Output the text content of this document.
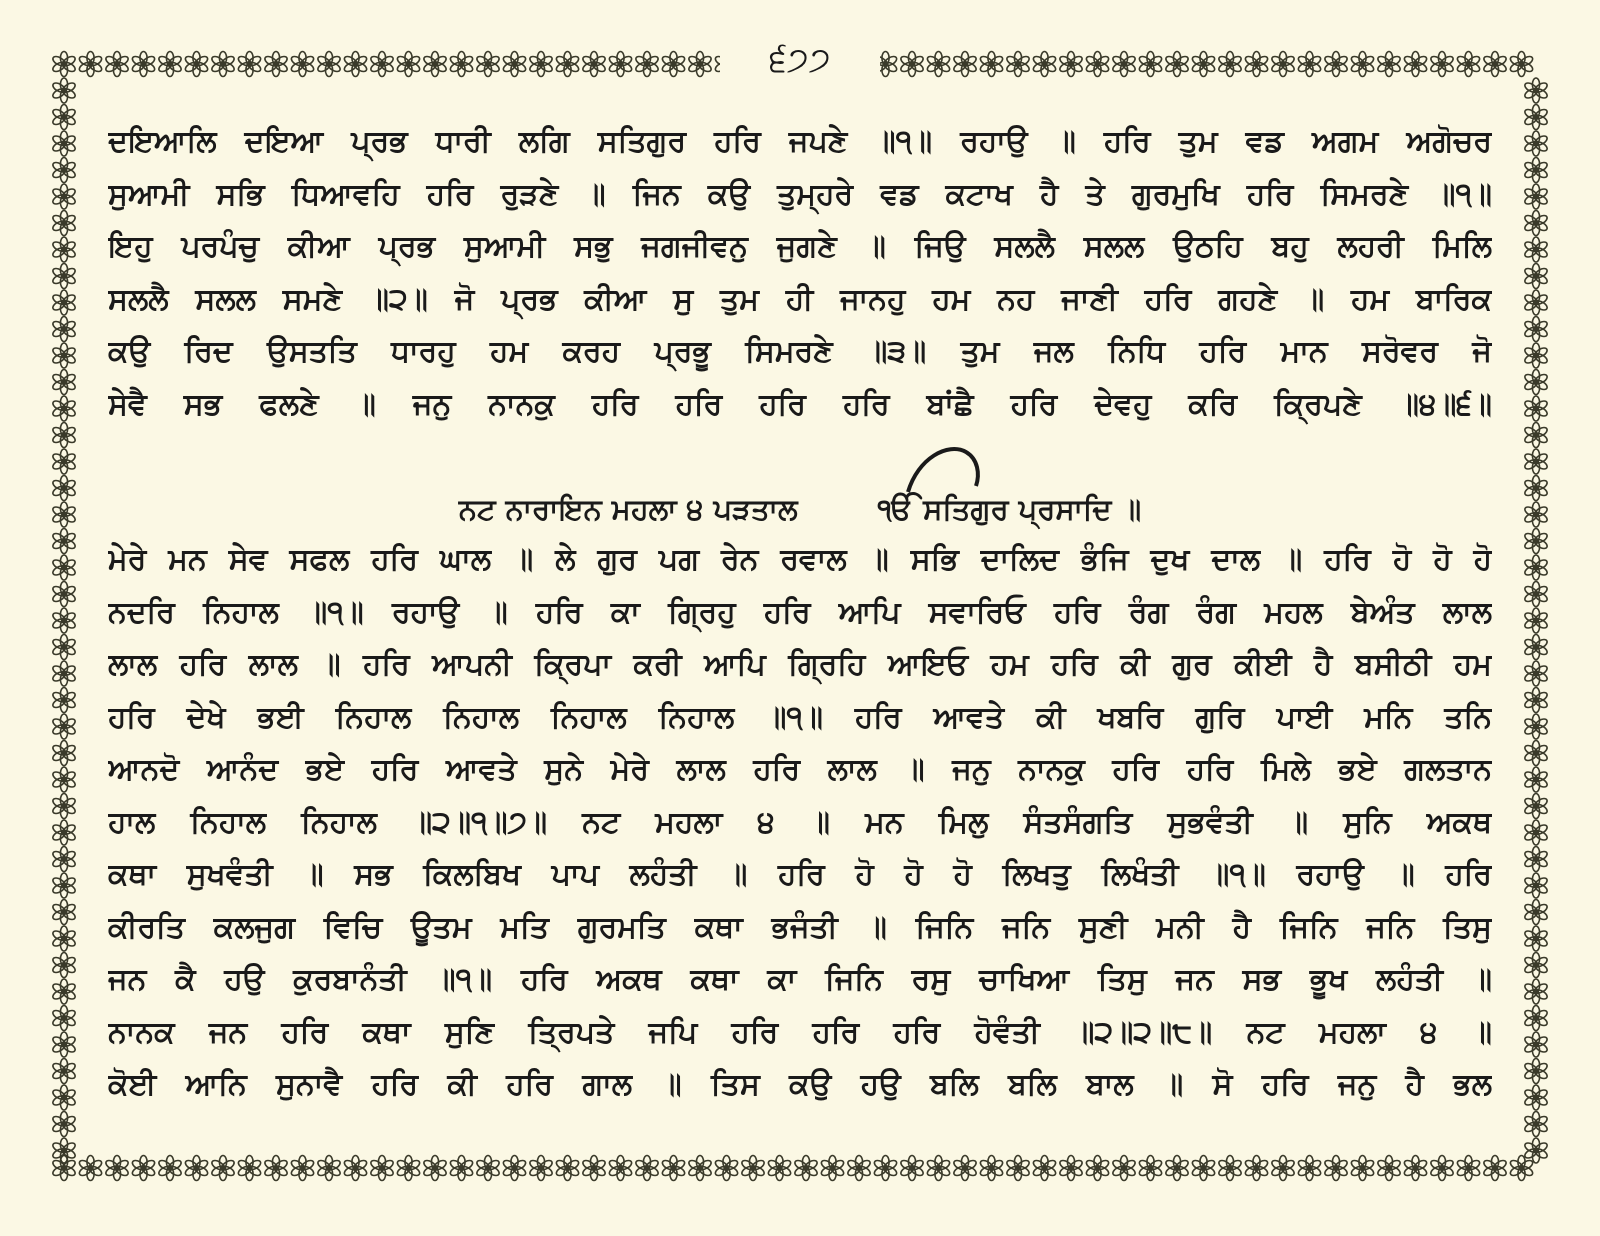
੬੭੭
ਦਇਆਲਿ ਦਇਆ ਪ੍ਰਭ ਧਾਰੀ ਲਗਿ ਸਤਿਗੁਰ ਹਰਿ ਜਪਣੇ ॥੧॥ ਰਹਾਉ ॥ ਹਰਿ ਤੁਮ ਵਡ ਅਗਮ ਅਗੋਚਰ
ਸੁਆਮੀ ਸਭਿ ਧਿਆਵਹਿ ਹਰਿ ਰੁੜਣੇ ॥ ਜਿਨ ਕਉ ਤੁਮ੍ਹਰੇ ਵਡ ਕਟਾਖ ਹੈ ਤੇ ਗੁਰਮੁਖਿ ਹਰਿ ਸਿਮਰਣੇ ॥੧॥
ਇਹੁ ਪਰਪੰਚੁ ਕੀਆ ਪ੍ਰਭ ਸੁਆਮੀ ਸਭੁ ਜਗਜੀਵਨੁ ਜੁਗਣੇ ॥ ਜਿਉ ਸਲਲੈ ਸਲਲ ਉਠਹਿ ਬਹੁ ਲਹਰੀ ਮਿਲਿ
ਸਲਲੈ ਸਲਲ ਸਮਣੇ ॥੨॥ ਜੋ ਪ੍ਰਭ ਕੀਆ ਸੁ ਤੁਮ ਹੀ ਜਾਨਹੁ ਹਮ ਨਹ ਜਾਣੀ ਹਰਿ ਗਹਣੇ ॥ ਹਮ ਬਾਰਿਕ
ਕਉ ਰਿਦ ਉਸਤਤਿ ਧਾਰਹੁ ਹਮ ਕਰਹ ਪ੍ਰਭੂ ਸਿਮਰਣੇ ॥੩॥ ਤੁਮ ਜਲ ਨਿਧਿ ਹਰਿ ਮਾਨ ਸਰੋਵਰ ਜੋ
ਸੇਵੈ ਸਭ ਫਲਣੇ ॥ ਜਨੁ ਨਾਨਕੁ ਹਰਿ ਹਰਿ ਹਰਿ ਹਰਿ ਬਾਂਛੈ ਹਰਿ ਦੇਵਹੁ ਕਰਿ ਕ੍ਰਿਪਣੇ ॥੪॥੬॥
ਨਟ ਨਾਰਾਇਨ ਮਹਲਾ ੪ ਪੜਤਾਲ	ੴ ਸਤਿਗੁਰ ਪ੍ਰਸਾਦਿ ॥
ਮੇਰੇ ਮਨ ਸੇਵ ਸਫਲ ਹਰਿ ਘਾਲ ॥ ਲੇ ਗੁਰ ਪਗ ਰੇਨ ਰਵਾਲ ॥ ਸਭਿ ਦਾਲਿਦ ਭੰਜਿ ਦੁਖ ਦਾਲ ॥ ਹਰਿ ਹੋ ਹੋ ਹੋ
ਨਦਰਿ ਨਿਹਾਲ ॥੧॥ ਰਹਾਉ ॥ ਹਰਿ ਕਾ ਗ੍ਰਿਹੁ ਹਰਿ ਆਪਿ ਸਵਾਰਿਓ ਹਰਿ ਰੰਗ ਰੰਗ ਮਹਲ ਬੇਅੰਤ ਲਾਲ
ਲਾਲ ਹਰਿ ਲਾਲ ॥ ਹਰਿ ਆਪਨੀ ਕ੍ਰਿਪਾ ਕਰੀ ਆਪਿ ਗ੍ਰਿਹਿ ਆਇਓ ਹਮ ਹਰਿ ਕੀ ਗੁਰ ਕੀਈ ਹੈ ਬਸੀਠੀ ਹਮ
ਹਰਿ ਦੇਖੇ ਭਈ ਨਿਹਾਲ ਨਿਹਾਲ ਨਿਹਾਲ ਨਿਹਾਲ ॥੧॥ ਹਰਿ ਆਵਤੇ ਕੀ ਖਬਰਿ ਗੁਰਿ ਪਾਈ ਮਨਿ ਤਨਿ
ਆਨਦੋ ਆਨੰਦ ਭਏ ਹਰਿ ਆਵਤੇ ਸੁਨੇ ਮੇਰੇ ਲਾਲ ਹਰਿ ਲਾਲ ॥ ਜਨੁ ਨਾਨਕੁ ਹਰਿ ਹਰਿ ਮਿਲੇ ਭਏ ਗਲਤਾਨ
ਹਾਲ ਨਿਹਾਲ ਨਿਹਾਲ ॥੨॥੧॥੭॥ ਨਟ ਮਹਲਾ ੪ ॥ ਮਨ ਮਿਲੁ ਸੰਤਸੰਗਤਿ ਸੁਭਵੰਤੀ ॥ ਸੁਨਿ ਅਕਥ
ਕਥਾ ਸੁਖਵੰਤੀ ॥ ਸਭ ਕਿਲਬਿਖ ਪਾਪ ਲਹੰਤੀ ॥ ਹਰਿ ਹੋ ਹੋ ਹੋ ਲਿਖਤੁ ਲਿਖੰਤੀ ॥੧॥ ਰਹਾਉ ॥ ਹਰਿ
ਕੀਰਤਿ ਕਲਜੁਗ ਵਿਚਿ ਊਤਮ ਮਤਿ ਗੁਰਮਤਿ ਕਥਾ ਭਜੰਤੀ ॥ ਜਿਨਿ ਜਨਿ ਸੁਣੀ ਮਨੀ ਹੈ ਜਿਨਿ ਜਨਿ ਤਿਸੁ
ਜਨ ਕੈ ਹਉ ਕੁਰਬਾਨੰਤੀ ॥੧॥ ਹਰਿ ਅਕਥ ਕਥਾ ਕਾ ਜਿਨਿ ਰਸੁ ਚਾਖਿਆ ਤਿਸੁ ਜਨ ਸਭ ਭੂਖ ਲਹੰਤੀ ॥
ਨਾਨਕ ਜਨ ਹਰਿ ਕਥਾ ਸੁਣਿ ਤ੍ਰਿਪਤੇ ਜਪਿ ਹਰਿ ਹਰਿ ਹਰਿ ਹੋਵੰਤੀ ॥੨॥੨॥੮॥ ਨਟ ਮਹਲਾ ੪ ॥
ਕੋਈ ਆਨਿ ਸੁਨਾਵੈ ਹਰਿ ਕੀ ਹਰਿ ਗਾਲ ॥ ਤਿਸ ਕਉ ਹਉ ਬਲਿ ਬਲਿ ਬਾਲ ॥ ਸੋ ਹਰਿ ਜਨੁ ਹੈ ਭਲ
